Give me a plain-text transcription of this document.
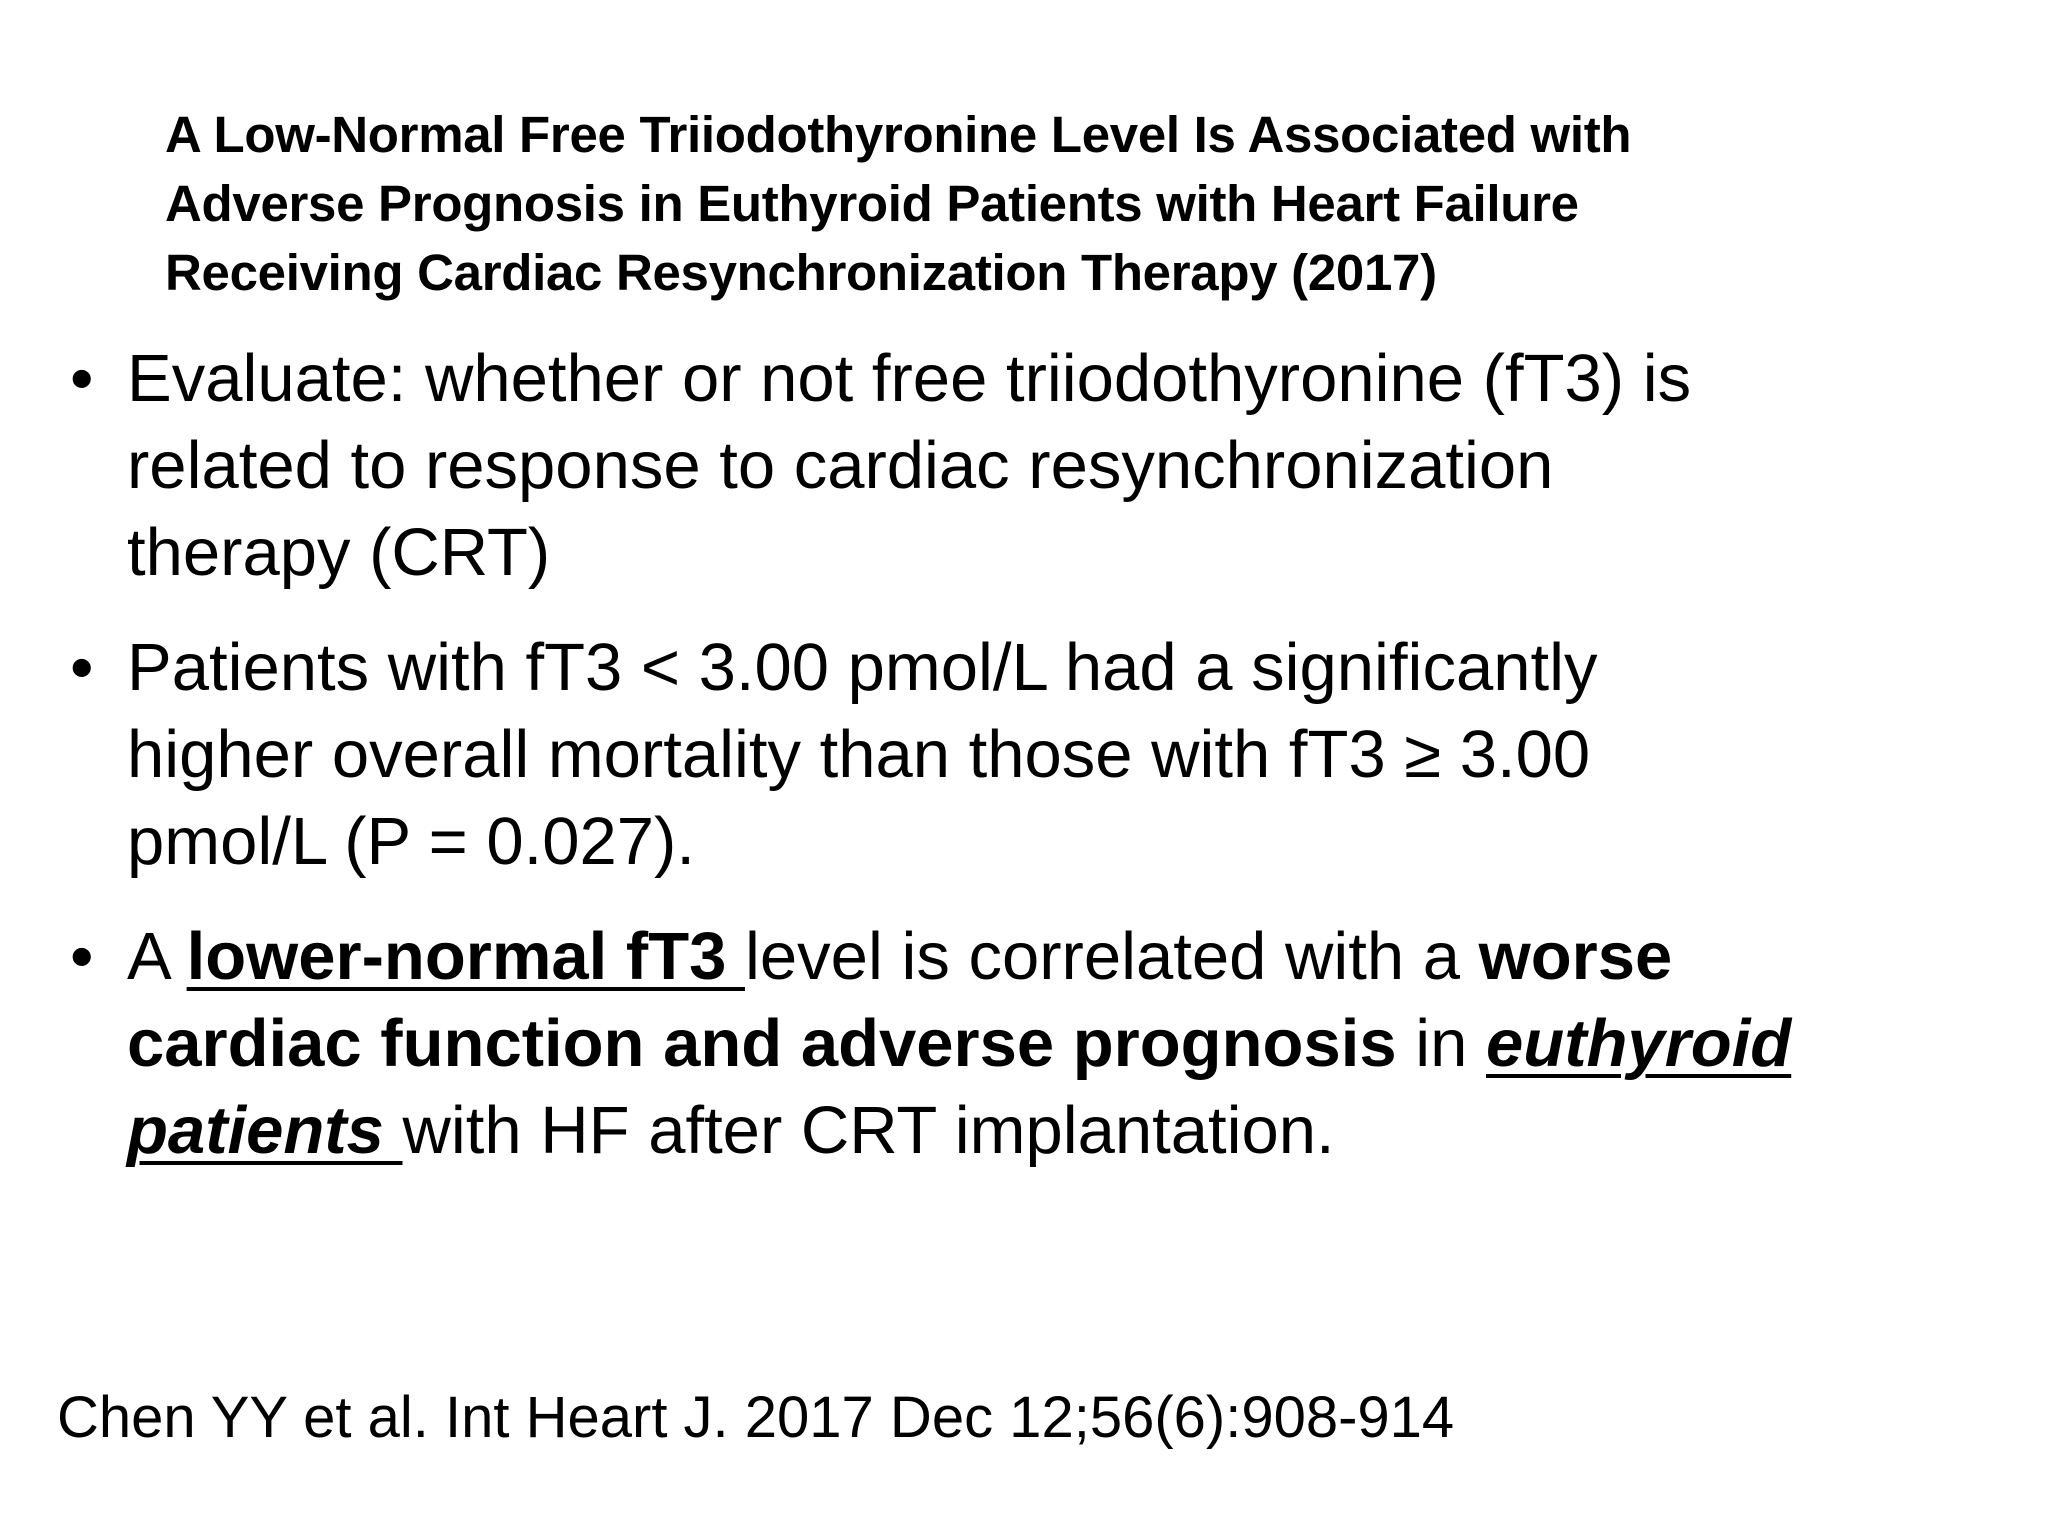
A Low-Normal Free Triiodothyronine Level Is Associated with
Adverse Prognosis in Euthyroid Patients with Heart Failure
Receiving Cardiac Resynchronization Therapy (2017)
• Evaluate: whether or not free triiodothyronine (fT3) is
related to response to cardiac resynchronization
therapy (CRT)
• Patients with fT3 < 3.00 pmol/L had a significantly
higher overall mortality than those with fT3 ≥ 3.00
pmol/L (P = 0.027).
• A lower-normal fT3 level is correlated with a worse
cardiac function and adverse prognosis in euthyroid
patients with HF after CRT implantation.
Chen YY et al. Int Heart J. 2017 Dec 12;56(6):908-914
